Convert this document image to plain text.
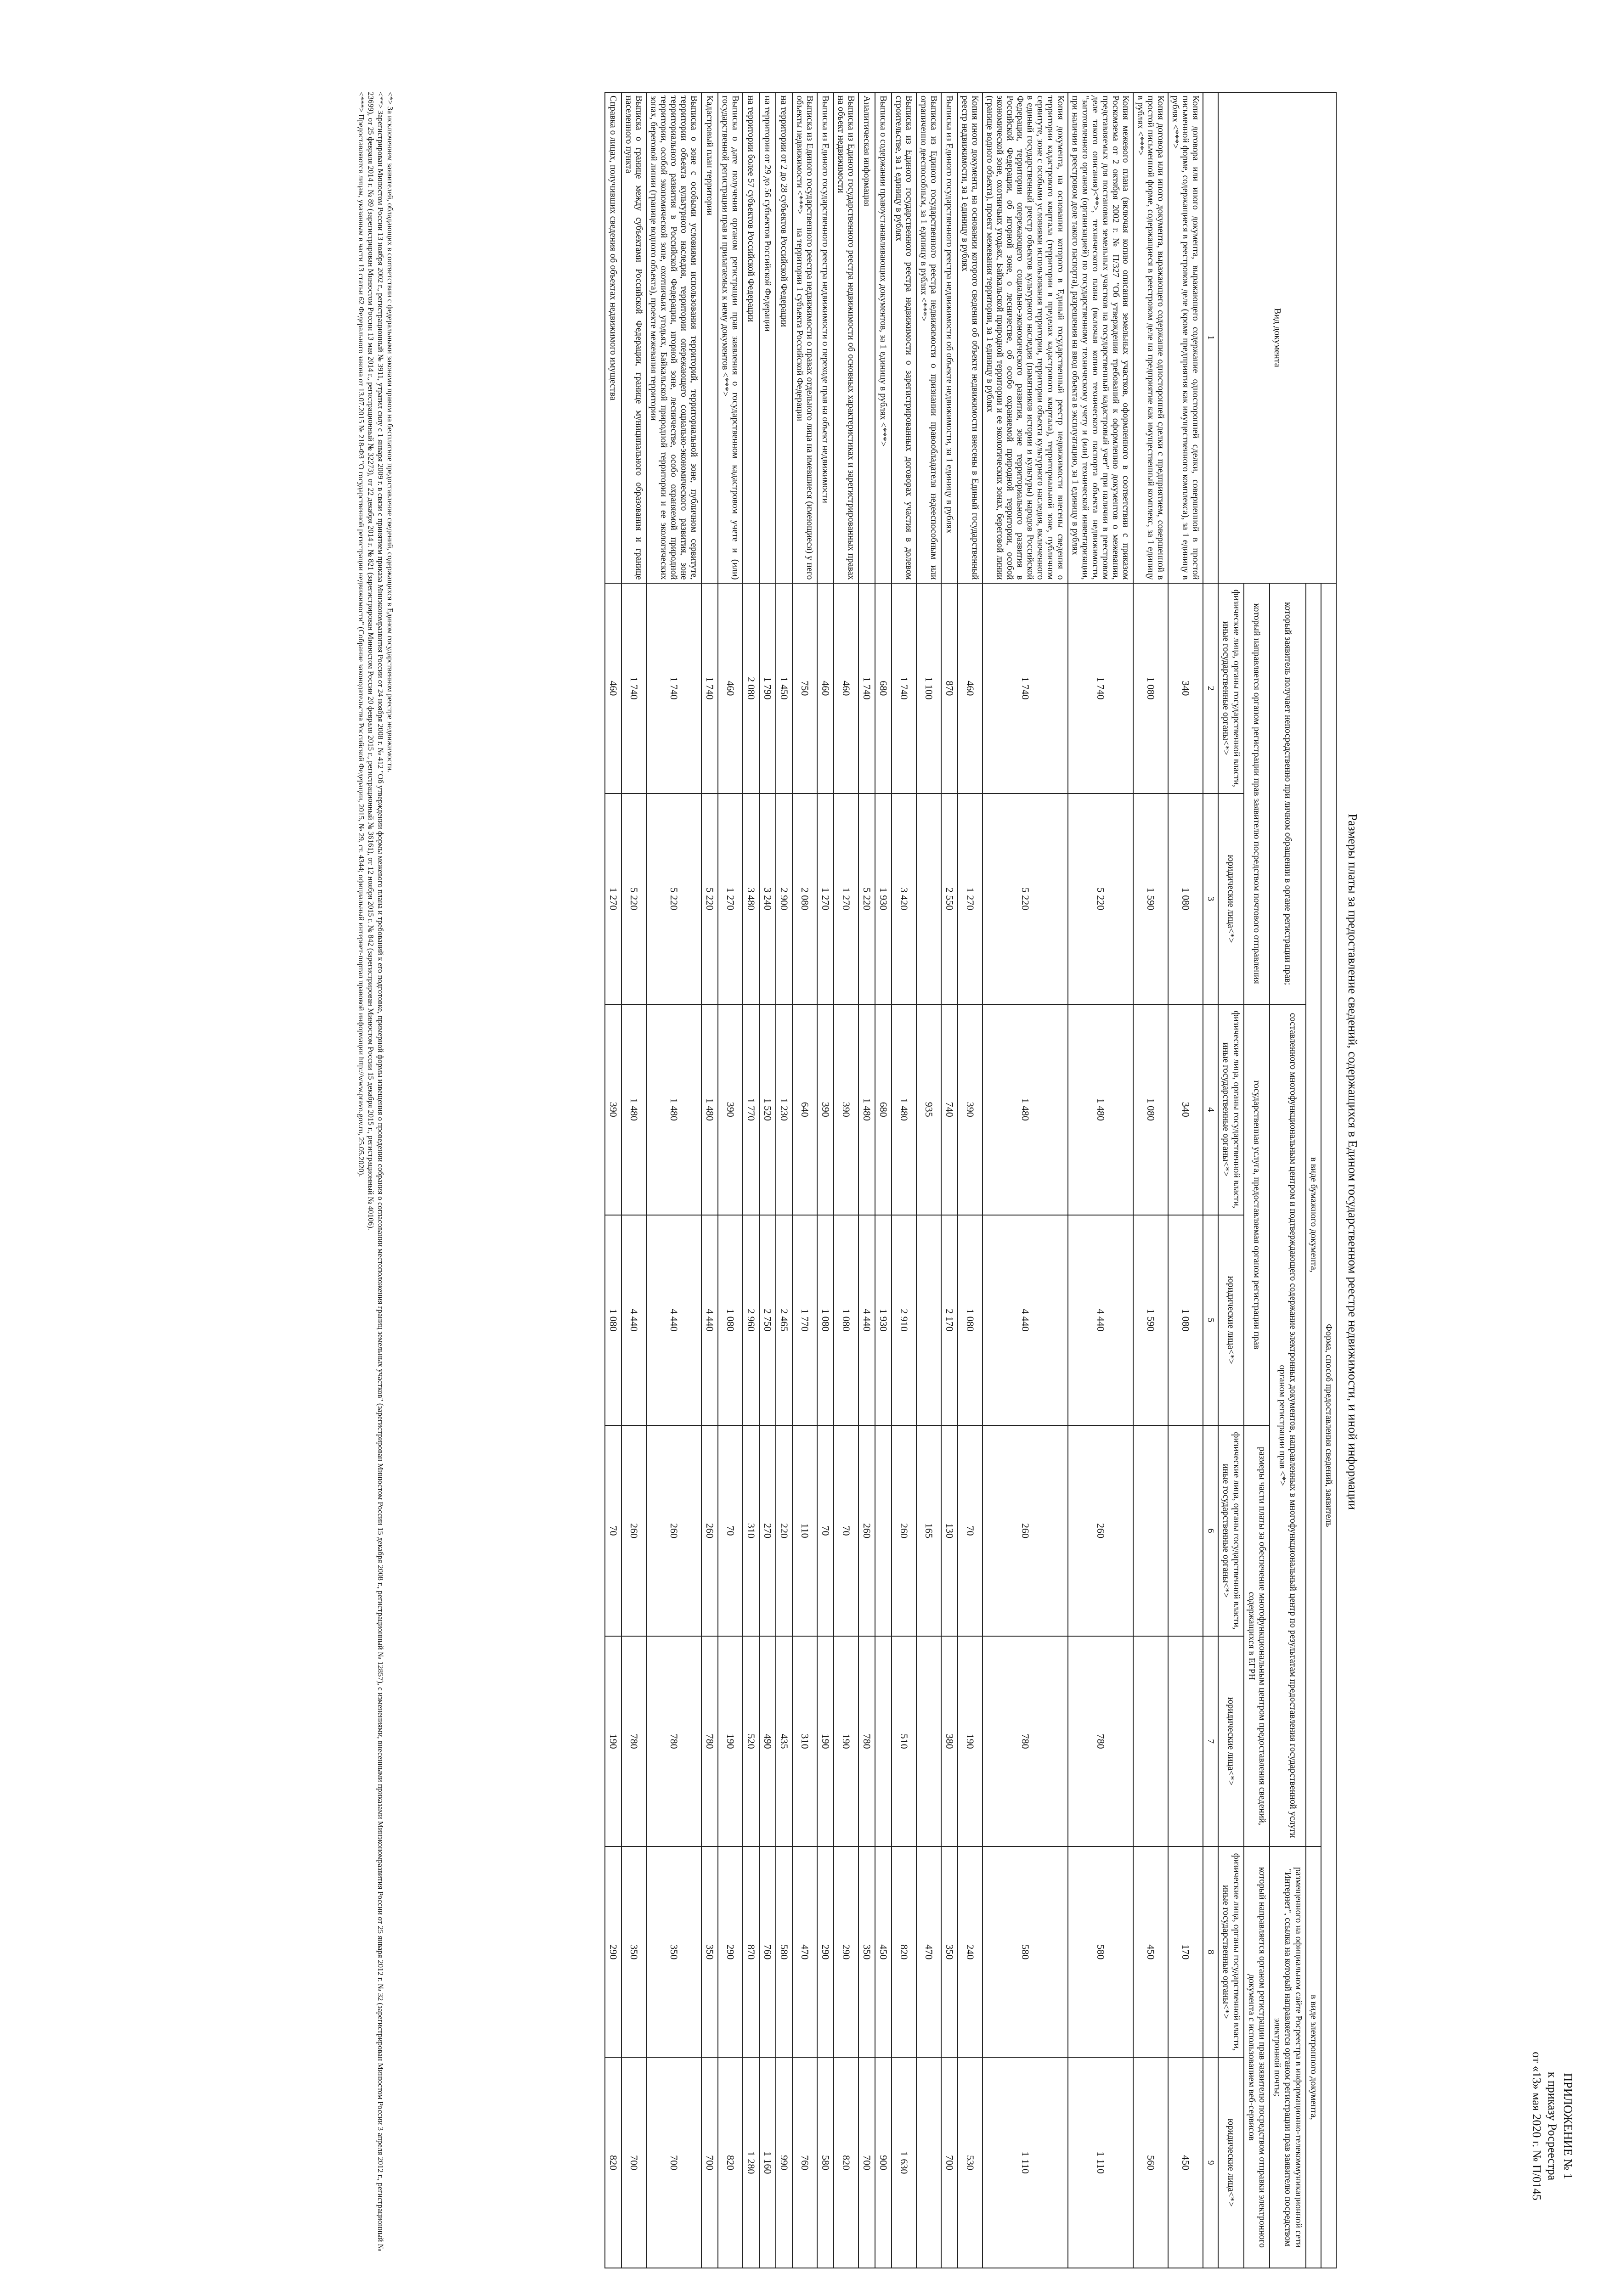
ПРИЛОЖЕНИЕ № 1
к приказу Росреестра
от «13» мая 2020 г. № П/0145
Размеры платы за предоставление сведений, содержащихся в Едином государственном реестре недвижимости, и иной информации
Вид документа	Форма, способ предоставления сведений, заявитель							
	в виде бумажного документа,						в виде электронного документа,	
	который заявитель получает непосредственно при личном обращении в органе регистрации прав;		составленного многофункциональным центром и подтверждающего содержание электронных документов, направленных в многофункциональный центр по результатам предоставления государственной услуги органом регистрации прав <*>				размещенного на официальном сайте Росреестра в информационно-телекоммуникационной сети "Интернет", ссылка на который направляется органом регистрации прав заявителю посредством электронной почты;	
	который направляется органом регистрации прав заявителю посредством почтового отправления		государственная услуга, предоставляемая органом регистрации прав		размеры части платы за обеспечение многофункциональным центром предоставления сведений, содержащихся в ЕГРН		который направляется органом регистрации прав заявителю посредством отправки электронного документа с использованием веб-сервисов	
	физические лица, органы государственной власти, иные государственные органы<*>	юридические лица<*>	физические лица, органы государственной власти, иные государственные органы<*>	юридические лица<*>	физические лица, органы государственной власти, иные государственные органы<*>	юридические лица<*>	физические лица, органы государственной власти, иные государственные органы<*>	юридические лица<*>
1	2	3	4	5	6	7	8	9
Копия договора или иного документа, выражающего содержание односторонней сделки, совершенной в простой письменной форме, содержащиеся в реестровом деле (кроме предприятия как имущественного комплекса), за 1 единицу в рублях <***>	340	1 080	340	1 080			170	450
Копия договора или иного документа, выражающего содержание односторонней сделки с предприятием, совершенной в простой письменной форме, содержащиеся в реестровом деле на предприятие как имущественный комплекс, за 1 единицу в рублях <***>	1 080	1 590	1 080	1 590			450	560
Копия межевого плана (включая копию описания земельных участков, оформленного в соответствии с приказом Роскомзема от 2 октября 2002 г. № П/327 "Об утверждении требований к оформлению документов о межевании, представляемых для постановки земельных участков на государственный кадастровый учет" при наличии в реестровом деле такого описания)<**>, технического плана (включая копию технического паспорта объекта недвижимости, "заготовленного органом (организацией) по государственному техническому учету и (или) технической инвентаризации, при наличии в реестровом деле такого паспорта), разрешения на ввод объекта в эксплуатацию, за 1 единицу в рублях	1 740	5 220	1 480	4 440	260	780	580	1 110
Копия документа, на основании которого в Единый государственный реестр недвижимости внесены сведения о территории кадастрового квартала (территории в пределах кадастрового квартала), территориальной зоне, публичном сервитуте, зоне с особыми условиями использования территории, территории объекта культурного наследия, включенного в единый государственный реестр объектов культурного наследия (памятников истории и культуры) народов Российской Федерации, территории опережающего социально-экономического развития, зоне территориального развития в Российской Федерации, об игорной зоне, о лесничестве, об особо охраняемой природной территории, особой экономической зоне, охотничьих угодьях, Байкальской природной территории и ее экологических зонах, береговой линии (границе водного объекта), проект межевания территории, за 1 единицу в рублях	1 740	5 220	1 480	4 440	260	780	580	1 110
Копия иного документа, на основании которого сведения об объекте недвижимости внесены в Единый государственный реестр недвижимости, за 1 единицу в рублях	460	1 270	390	1 080	70	190	240	530
Выписка из Единого государственного реестра недвижимости об объекте недвижимости, за 1 единицу в рублях	870	2 550	740	2 170	130	380	350	700
Выписка из Единого государственного реестра недвижимости о признании правообладателя недееспособным или ограниченно дееспособным, за 1 единицу в рублях <***>	1 100		935		165		470	
Выписка из Единого государственного реестра недвижимости о зарегистрированных договорах участия в долевом строительстве, за 1 единицу в рублях	1 740	3 420	1 480	2 910	260	510	820	1 630
Выписка о содержании правоустанавливающих документов, за 1 единицу в рублях <***>	680	1 930	680	1 930			450	900
Аналитическая информация	1 740	5 220	1 480	4 440	260	780	350	700
Выписка из Единого государственного реестра недвижимости об основных характеристиках и зарегистрированных правах на объект недвижимости	460	1 270	390	1 080	70	190	290	820
Выписка из Единого государственного реестра недвижимости о переходе прав на объект недвижимости	460	1 270	390	1 080	70	190	290	580
Выписка из Единого государственного реестра недвижимости о правах отдельного лица на имевшиеся (имеющиеся) у него объекты недвижимости <***> — на территории 1 субъекта Российской Федерации	750	2 080	640	1 770	110	310	470	760
на территории от 2 до 28 субъектов Российской Федерации	1 450	2 900	1 230	2 465	220	435	580	990
на территории от 29 до 56 субъектов Российской Федерации	1 790	3 240	1 520	2 750	270	490	760	1 160
на территории более 57 субъектов Российской Федерации	2 080	3 480	1 770	2 960	310	520	870	1 280
Выписка о дате получения органом регистрации прав заявления о государственном кадастровом учете и (или) государственной регистрации прав и прилагаемых к нему документов <***>	460	1 270	390	1 080	70	190	290	820
Кадастровый план территории	1 740	5 220	1 480	4 440	260	780	350	700
Выписка о зоне с особыми условиями использования территорий, территориальной зоне, публичном сервитуте, территории объекта культурного наследия, территории опережающего социально-экономического развития, зоне территориального развития в Российской Федерации, игорной зоне, лесничестве, особо охраняемой природной территории, особой экономической зоне, охотничьих угодьях, Байкальской природной территории и ее экологических зонах, береговой линии (границе водного объекта), проекте межевания территории	1 740	5 220	1 480	4 440	260	780	350	700
Выписка о границе между субъектами Российской Федерации, границе муниципального образования и границе населенного пункта	1 740	5 220	1 480	4 440	260	780	350	700
Справка о лицах, получивших сведения об объектах недвижимого имущества	460	1 270	390	1 080	70	190	290	820

<*> За исключением заявителей, обладающих в соответствии с федеральными законами правом на бесплатное предоставление сведений, содержащихся в Едином государственном реестре недвижимости.

<**> Зарегистрирован Минюстом России 13 ноября 2002 г., регистрационный № 3911, утратил силу с 1 января 2009 г. в связи с принятием приказа Минэкономразвития России от 24 ноября 2008 г. № 412 "Об утверждении формы межевого плана и требований к его подготовке, примерной формы извещения о проведении собрания о согласовании местоположения границ земельных участков" (зарегистрирован Минюстом России 15 декабря 2008 г., регистрационный № 12857), с изменениями, внесенными приказами Минэкономразвития России от 25 января 2012 г. № 32 (зарегистрирован Минюстом России 3 апреля 2012 г., регистрационный № 23699), от 25 февраля 2014 г. № 89 (зарегистрирован Минюстом России 13 мая 2014 г., регистрационный № 32273), от 22 декабря 2014 г. № 821 (зарегистрирован Минюстом России 20 февраля 2015 г., регистрационный № 36161), от 12 ноября 2015 г. № 842 (зарегистрирован Минюстом России 15 декабря 2015 г., регистрационный № 40106).

<***> Предоставляются лицам, указанным в части 13 статьи 62 Федерального закона от 13.07.2015 № 218-ФЗ "О государственной регистрации недвижимости" (Собрание законодательства Российской Федерации, 2015, № 29, ст. 4344; официальный интернет-портал правовой информации http://www.pravo.gov.ru, 25.05.2020).
